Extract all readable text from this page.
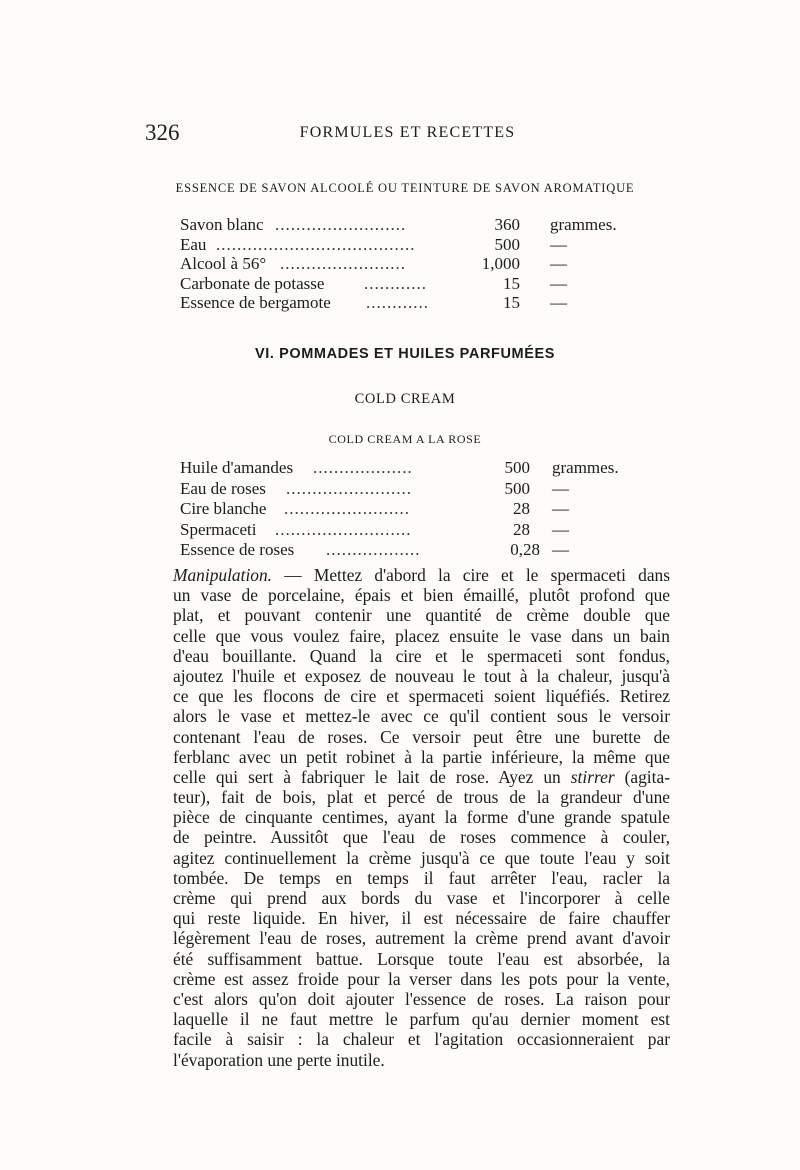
326	FORMULES ET RECETTES
ESSENCE DE SAVON ALCOOLÉ OU TEINTURE DE SAVON AROMATIQUE
Savon blanc .........................	360 grammes.
Eau ......................................	500 —
Alcool à 56° ........................	1,000 —
Carbonate de potasse ............	15 —
Essence de bergamote ............	15 —
VI. POMMADES ET HUILES PARFUMÉES
COLD CREAM
COLD CREAM A LA ROSE
Huile d'amandes ...................	500 grammes.
Eau de roses ........................	500 —
Cire blanche ........................	28 —
Spermaceti ..........................	28 —
Essence de roses ..................	0,28 —
Manipulation. — Mettez d'abord la cire et le spermaceti dans
un vase de porcelaine, épais et bien émaillé, plutôt profond que
plat, et pouvant contenir une quantité de crème double que
celle que vous voulez faire, placez ensuite le vase dans un bain
d'eau bouillante. Quand la cire et le spermaceti sont fondus,
ajoutez l'huile et exposez de nouveau le tout à la chaleur, jusqu'à
ce que les flocons de cire et spermaceti soient liquéfiés. Retirez
alors le vase et mettez-le avec ce qu'il contient sous le versoir
contenant l'eau de roses. Ce versoir peut être une burette de
ferblanc avec un petit robinet à la partie inférieure, la même que
celle qui sert à fabriquer le lait de rose. Ayez un stirrer (agita-
teur), fait de bois, plat et percé de trous de la grandeur d'une
pièce de cinquante centimes, ayant la forme d'une grande spatule
de peintre. Aussitôt que l'eau de roses commence à couler,
agitez continuellement la crème jusqu'à ce que toute l'eau y soit
tombée. De temps en temps il faut arrêter l'eau, racler la
crème qui prend aux bords du vase et l'incorporer à celle
qui reste liquide. En hiver, il est nécessaire de faire chauffer
légèrement l'eau de roses, autrement la crème prend avant d'avoir
été suffisamment battue. Lorsque toute l'eau est absorbée, la
crème est assez froide pour la verser dans les pots pour la vente,
c'est alors qu'on doit ajouter l'essence de roses. La raison pour
laquelle il ne faut mettre le parfum qu'au dernier moment est
facile à saisir : la chaleur et l'agitation occasionneraient par
l'évaporation une perte inutile.
